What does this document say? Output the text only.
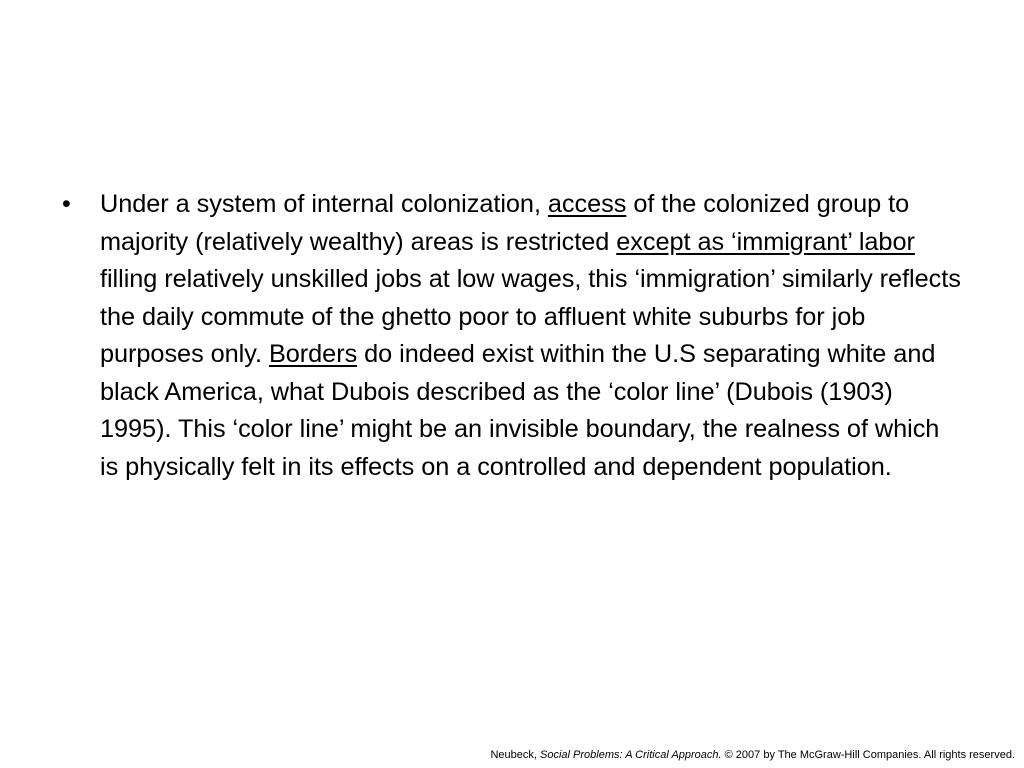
•	Under a system of internal colonization, access of the colonized group to majority (relatively wealthy) areas is restricted except as ‘immigrant’ labor filling relatively unskilled jobs at low wages, this ‘immigration’ similarly reflects the daily commute of the ghetto poor to affluent white suburbs for job purposes only. Borders do indeed exist within the U.S separating white and black America, what Dubois described as the ‘color line’ (Dubois (1903) 1995). This ‘color line’ might be an invisible boundary, the realness of which is physically felt in its effects on a controlled and dependent population.
Neubeck, Social Problems: A Critical Approach. © 2007 by The McGraw-Hill Companies. All rights reserved.
